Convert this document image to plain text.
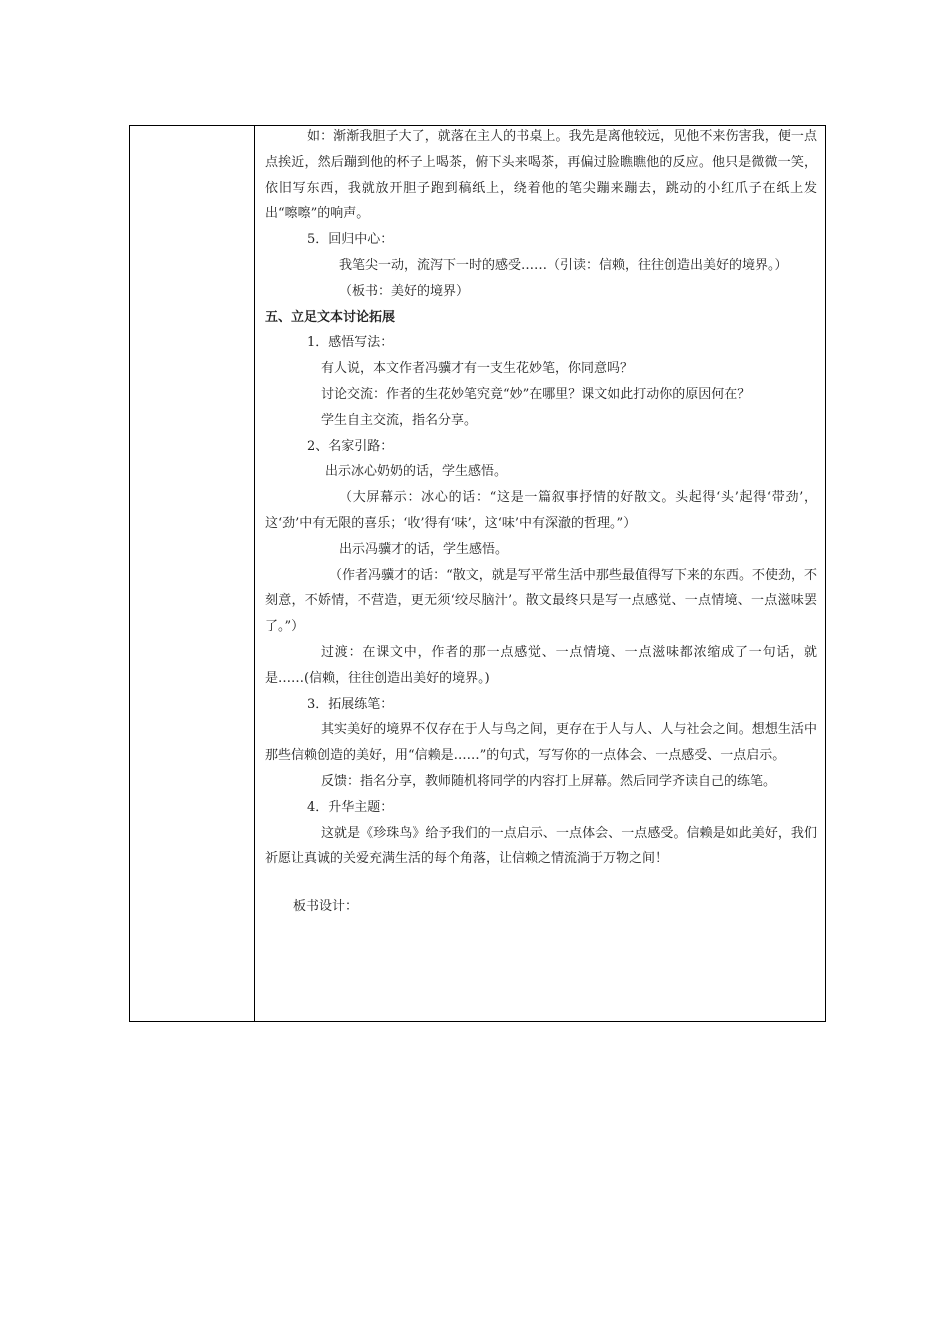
如：渐渐我胆子大了，就落在主人的书桌上。我先是离他较远，见他不来伤害我，便一点点挨近，然后蹦到他的杯子上喝茶，俯下头来喝茶，再偏过脸瞧瞧他的反应。他只是微微一笑，依旧写东西，我就放开胆子跑到稿纸上，绕着他的笔尖蹦来蹦去，跳动的小红爪子在纸上发出“嚓嚓”的响声。

5．回归中心：

我笔尖一动，流泻下一时的感受……（引读：信赖，往往创造出美好的境界。）

（板书：美好的境界）

五、立足文本讨论拓展

1．感悟写法：

有人说，本文作者冯骥才有一支生花妙笔，你同意吗？

讨论交流：作者的生花妙笔究竟“妙”在哪里？课文如此打动你的原因何在？

学生自主交流，指名分享。

2、名家引路：

出示冰心奶奶的话，学生感悟。

（大屏幕示：冰心的话：“这是一篇叙事抒情的好散文。头起得‘头’起得‘带劲’，这‘劲’中有无限的喜乐；‘收’得有‘味’，这‘味’中有深澈的哲理。”）

出示冯骥才的话，学生感悟。

（作者冯骥才的话：“散文，就是写平常生活中那些最值得写下来的东西。不使劲，不刻意，不娇情，不营造，更无须‘绞尽脑汁’。散文最终只是写一点感觉、一点情境、一点滋味罢了。”）

过渡：在课文中，作者的那一点感觉、一点情境、一点滋味都浓缩成了一句话，就是……(信赖，往往创造出美好的境界。)

3．拓展练笔：

其实美好的境界不仅存在于人与鸟之间，更存在于人与人、人与社会之间。想想生活中那些信赖创造的美好，用“信赖是……”的句式，写写你的一点体会、一点感受、一点启示。

反馈：指名分享，教师随机将同学的内容打上屏幕。然后同学齐读自己的练笔。

4．升华主题：

这就是《珍珠鸟》给予我们的一点启示、一点体会、一点感受。信赖是如此美好，我们祈愿让真诚的关爱充满生活的每个角落，让信赖之情流淌于万物之间！

板书设计：
